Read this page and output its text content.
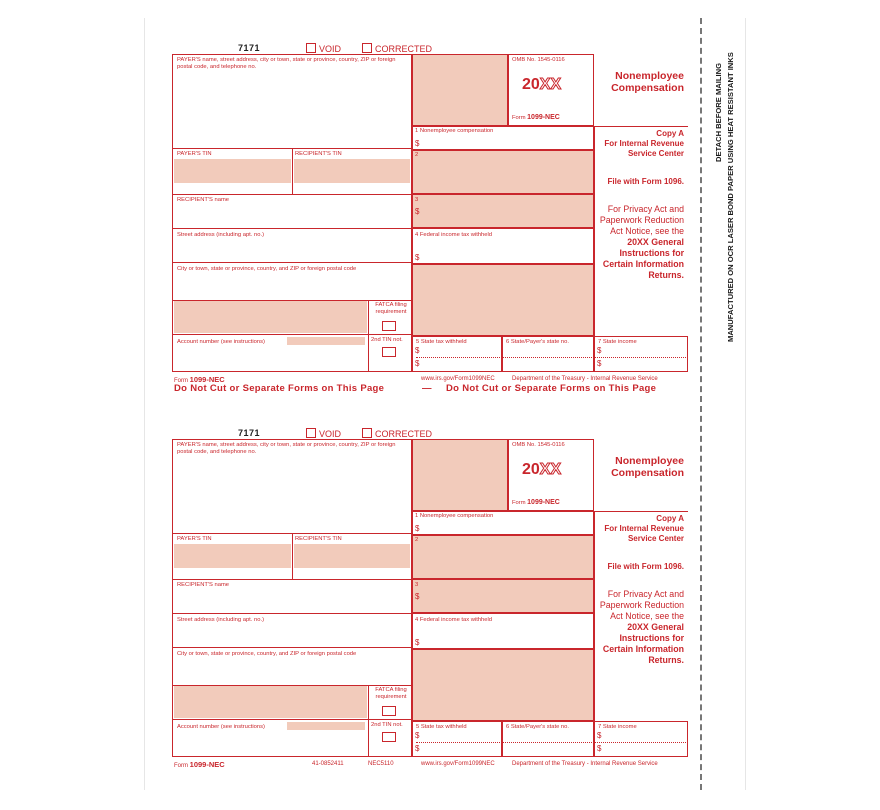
DETACH BEFORE MAILING MANUFACTURED ON OCR LASER BOND PAPER USING HEAT RESISTANT INKS
7171	VOID	CORRECTED
PAYER'S name, street address, city or town, state or province, country, ZIP or foreign postal code, and telephone no.
PAYER'S TIN	RECIPIENT'S TIN
RECIPIENT'S name
Street address (including apt. no.)
City or town, state or province, country, and ZIP or foreign postal code
FATCA filing requirement
Account number (see instructions)	2nd TIN not.
OMB No. 1545-0116
20XX
Form 1099-NEC
1 Nonemployee compensation
$
2
3
$
4 Federal income tax withheld
$
5 State tax withheld	6 State/Payer's state no.
$
$
7 State income
$
$
Nonemployee Compensation
Copy A
For Internal Revenue Service Center
File with Form 1096.
For Privacy Act and Paperwork Reduction Act Notice, see the 20XX General Instructions for Certain Information Returns.
Form 1099-NEC	www.irs.gov/Form1099NEC	Department of the Treasury - Internal Revenue Service
Do Not Cut or Separate Forms on This Page	— Do Not Cut or Separate Forms on This Page
7171	VOID	CORRECTED
PAYER'S name, street address, city or town, state or province, country, ZIP or foreign postal code, and telephone no.
PAYER'S TIN	RECIPIENT'S TIN
RECIPIENT'S name
Street address (including apt. no.)
City or town, state or province, country, and ZIP or foreign postal code
FATCA filing requirement
Account number (see instructions)	2nd TIN not.
OMB No. 1545-0116
20XX
Form 1099-NEC
1 Nonemployee compensation
$
2
3
$
4 Federal income tax withheld
$
5 State tax withheld	6 State/Payer's state no.
$
$
7 State income
$
$
Nonemployee Compensation
Copy A
For Internal Revenue Service Center
File with Form 1096.
For Privacy Act and Paperwork Reduction Act Notice, see the 20XX General Instructions for Certain Information Returns.
Form 1099-NEC	41-0852411	NEC5110	www.irs.gov/Form1099NEC	Department of the Treasury - Internal Revenue Service
